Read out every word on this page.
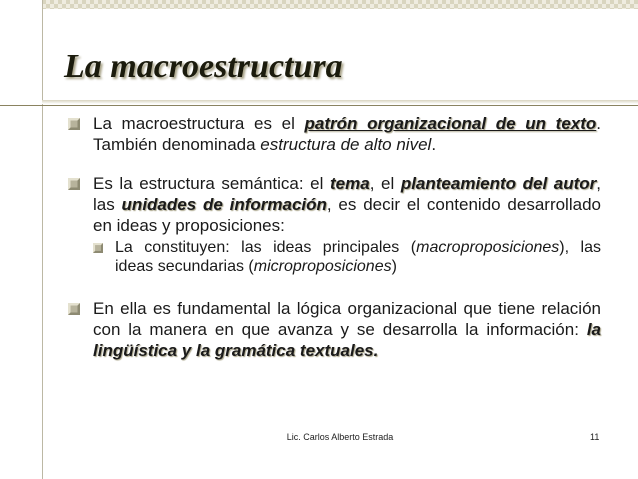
La macroestructura
La macroestructura es el patrón organizacional de un texto. También denominada estructura de alto nivel.
Es la estructura semántica: el tema, el planteamiento del autor, las unidades de información, es decir el contenido desarrollado en ideas y proposiciones:
La constituyen: las ideas principales (macroproposiciones), las ideas secundarias (microproposiciones)
En ella es fundamental la lógica organizacional que tiene relación con la manera en que avanza y se desarrolla la información: la lingüística y la gramática textuales.
Lic. Carlos Alberto Estrada	11
